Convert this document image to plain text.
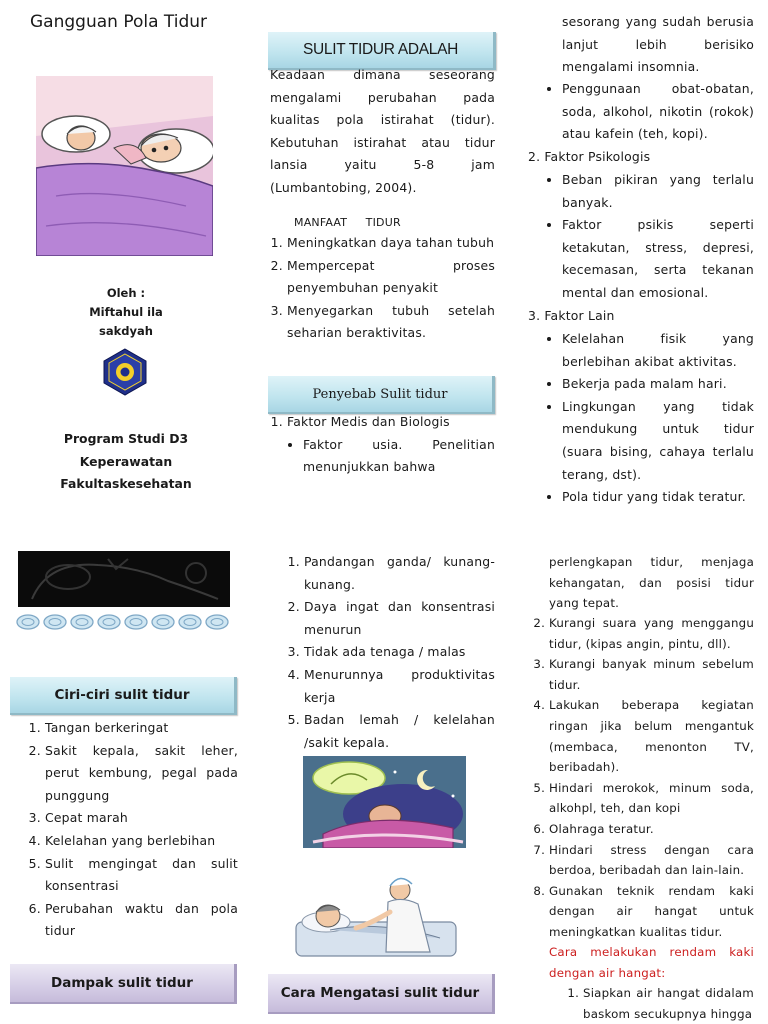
Gangguan Pola Tidur
Oleh :
Miftahul ila
sakdyah
Program Studi D3
Keperawatan
Fakultaskesehatan
SULIT TIDUR ADALAH
Keadaan dimana seseorang mengalami perubahan pada kualitas pola istirahat (tidur). Kebutuhan istirahat atau tidur lansia yaitu 5-8 jam (Lumbantobing, 2004).
MANFAAT     TIDUR
1. Meningkatkan daya tahan tubuh
2. Mempercepat proses penyembuhan penyakit
3. Menyegarkan tubuh setelah seharian beraktivitas.
Penyebab Sulit tidur
1. Faktor Medis dan Biologis
• Faktor usia. Penelitian menunjukkan bahwa
sesorang yang sudah berusia lanjut lebih berisiko mengalami insomnia.
• Penggunaan obat-obatan, soda, alkohol, nikotin (rokok) atau kafein (teh, kopi).
2. Faktor Psikologis
• Beban pikiran yang terlalu banyak.
• Faktor psikis seperti ketakutan, stress, depresi, kecemasan, serta tekanan mental dan emosional.
3. Faktor Lain
• Kelelahan fisik yang berlebihan akibat aktivitas.
• Bekerja pada malam hari.
• Lingkungan yang tidak mendukung untuk tidur (suara bising, cahaya terlalu terang, dst).
• Pola tidur yang tidak teratur.
Ciri-ciri sulit tidur
1. Tangan berkeringat
2. Sakit kepala, sakit leher, perut kembung, pegal pada punggung
3. Cepat marah
4. Kelelahan yang berlebihan
5. Sulit mengingat dan sulit konsentrasi
6. Perubahan waktu dan pola tidur
Dampak sulit tidur
1. Pandangan ganda/ kunang-kunang.
2. Daya ingat dan konsentrasi menurun
3. Tidak ada tenaga / malas
4. Menurunnya produktivitas kerja
5. Badan lemah / kelelahan /sakit kepala.
Cara Mengatasi sulit tidur
perlengkapan tidur, menjaga kehangatan, dan posisi tidur yang tepat.
2. Kurangi suara yang menggangu tidur, (kipas angin, pintu, dll).
3. Kurangi banyak minum sebelum tidur.
4. Lakukan beberapa kegiatan ringan jika belum mengantuk (membaca, menonton TV, beribadah).
5. Hindari merokok, minum soda, alkohpl, teh, dan kopi
6. Olahraga teratur.
7. Hindari stress dengan cara berdoa, beribadah dan lain-lain.
8. Gunakan teknik rendam kaki dengan air hangat untuk meningkatkan kualitas tidur.
Cara melakukan rendam kaki dengan air hangat:
1. Siapkan air hangat didalam baskom secukupnya hingga
